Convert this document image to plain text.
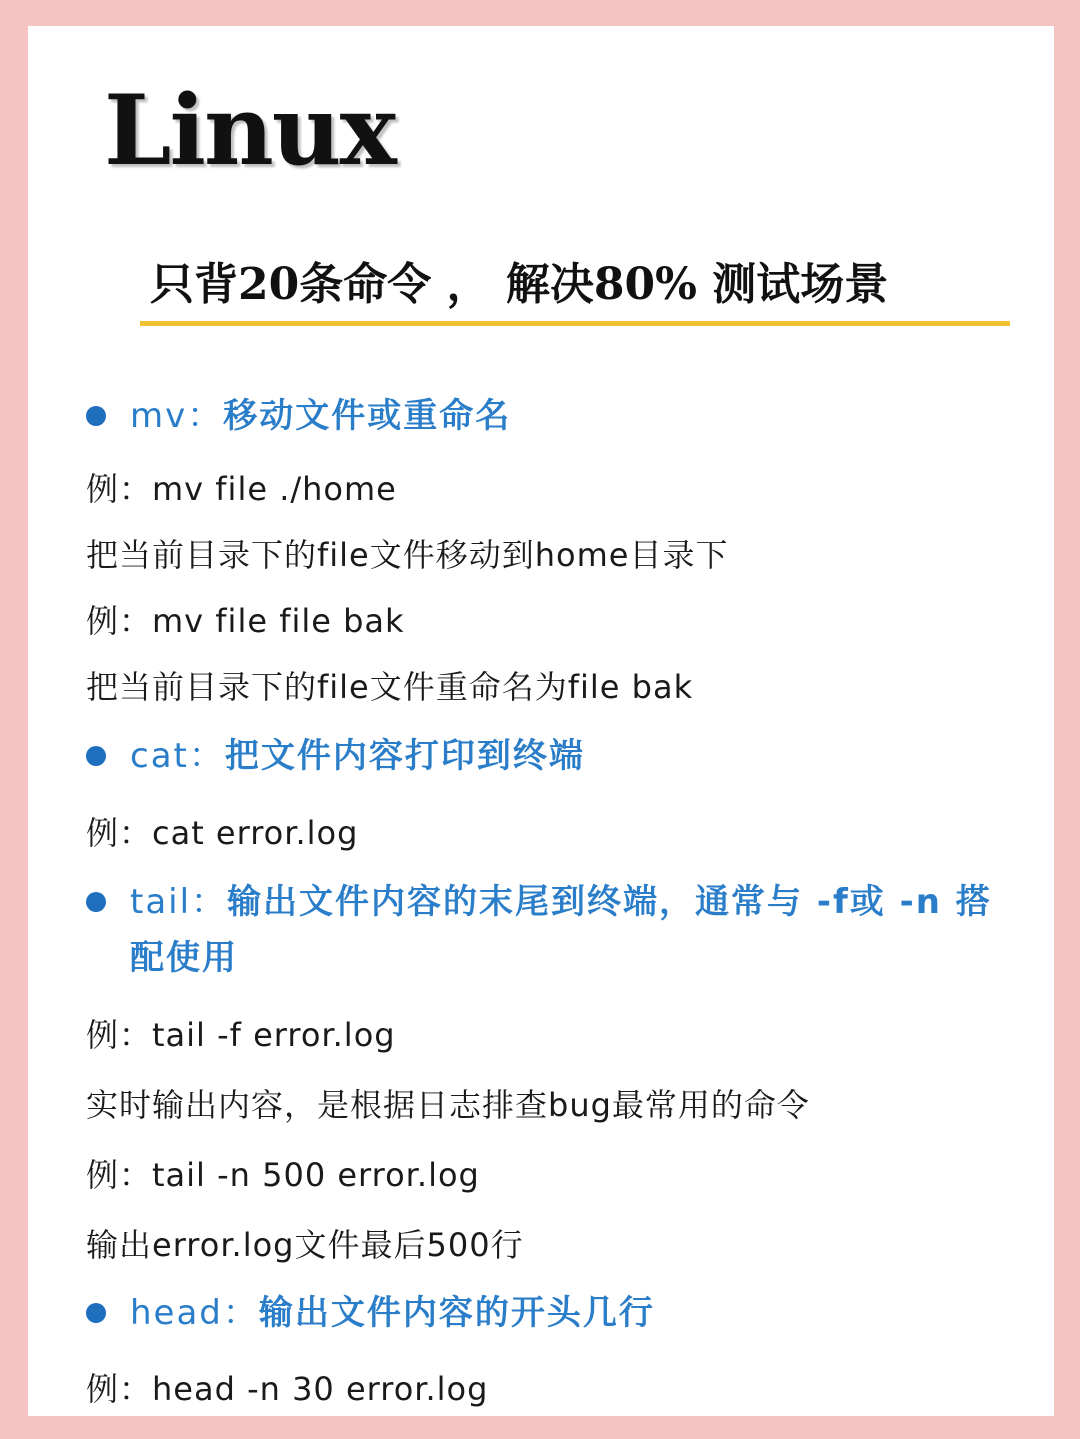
Linux
只背20条命令 ， 解决80% 测试场景
mv：移动文件或重命名
例：mv file ./home
把当前目录下的file文件移动到home目录下
例：mv file file bak
把当前目录下的file文件重命名为file bak
cat：把文件内容打印到终端
例：cat error.log
tail：输出文件内容的末尾到终端，通常与 -f或 -n 搭配使用
例：tail -f error.log
实时输出内容，是根据日志排查bug最常用的命令
例：tail -n 500 error.log
输出error.log文件最后500行
head：输出文件内容的开头几行
例：head -n 30 error.log
